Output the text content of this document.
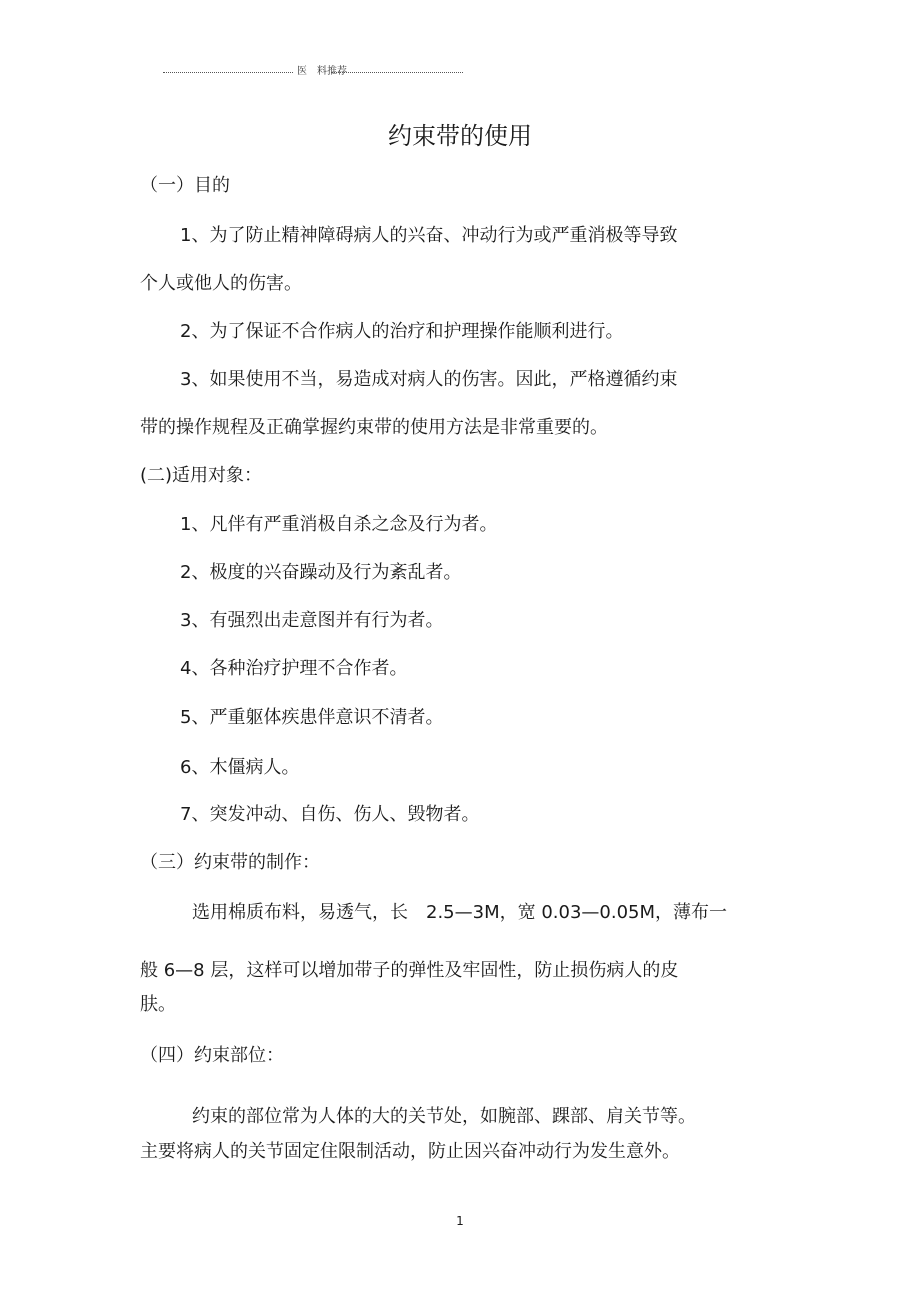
医　料推荐
约束带的使用
（一）目的
1、为了防止精神障碍病人的兴奋、冲动行为或严重消极等导致
个人或他人的伤害。
2、为了保证不合作病人的治疗和护理操作能顺利进行。
3、如果使用不当，易造成对病人的伤害。因此，严格遵循约束
带的操作规程及正确掌握约束带的使用方法是非常重要的。
(二)适用对象：
1、凡伴有严重消极自杀之念及行为者。
2、极度的兴奋躁动及行为紊乱者。
3、有强烈出走意图并有行为者。
4、各种治疗护理不合作者。
5、严重躯体疾患伴意识不清者。
6、木僵病人。
7、突发冲动、自伤、伤人、毁物者。
（三）约束带的制作：
选用棉质布料，易透气，长　2.5—3M，宽 0.03—0.05M，薄布一
般 6—8 层，这样可以增加带子的弹性及牢固性，防止损伤病人的皮
肤。
（四）约束部位：
约束的部位常为人体的大的关节处，如腕部、踝部、肩关节等。
主要将病人的关节固定住限制活动，防止因兴奋冲动行为发生意外。
1
